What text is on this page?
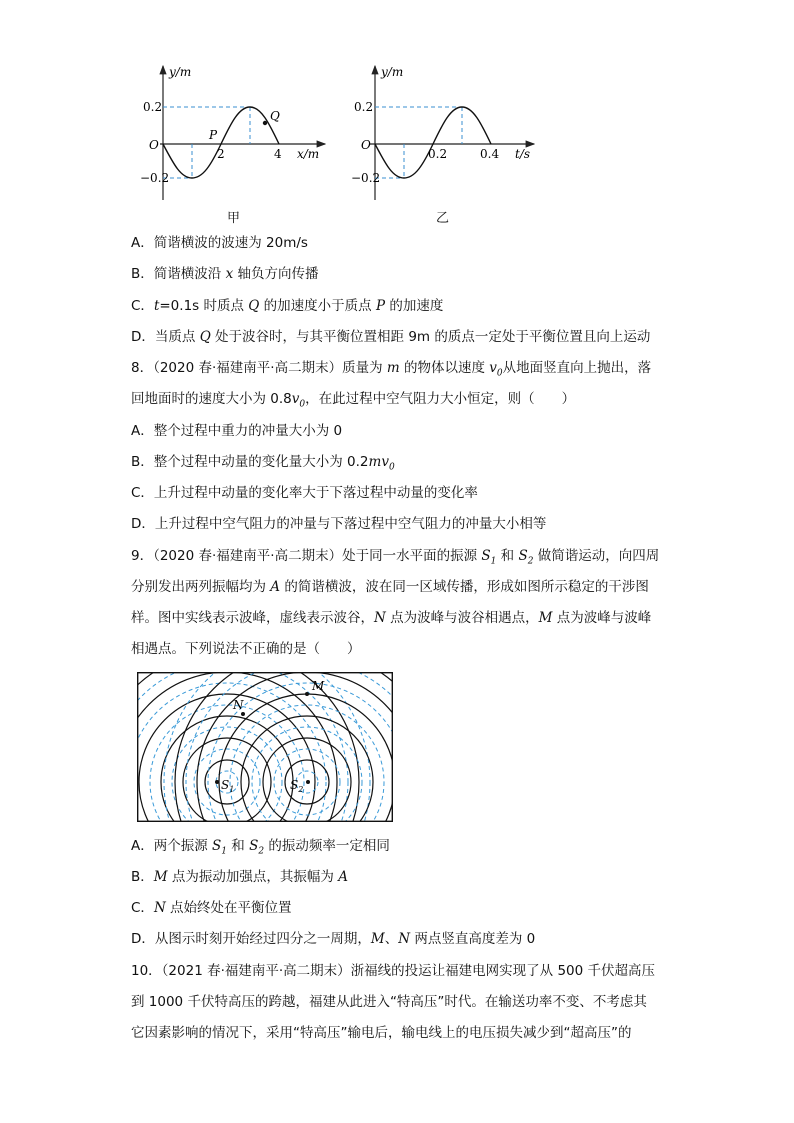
y/m
O
0.2
−0.2
2	4 x/m
P
Q
甲
y/m
O
0.2
−0.2
0.2	0.4 t/s
乙
A．简谐横波的波速为 20m/s
B．简谐横波沿 x 轴负方向传播
C．t=0.1s 时质点 Q 的加速度小于质点 P 的加速度
D．当质点 Q 处于波谷时，与其平衡位置相距 9m 的质点一定处于平衡位置且向上运动
8．（2020 春·福建南平·高二期末）质量为 m 的物体以速度 $v_0$从地面竖直向上抛出，落
回地面时的速度大小为 $0.8v_0$，在此过程中空气阻力大小恒定，则（　　）
A．整个过程中重力的冲量大小为 0
B．整个过程中动量的变化量大小为 $0.2mv_0$
C．上升过程中动量的变化率大于下落过程中动量的变化率
D．上升过程中空气阻力的冲量与下落过程中空气阻力的冲量大小相等
9．（2020 春·福建南平·高二期末）处于同一水平面的振源 $S_1$ 和 $S_2$ 做简谐运动，向四周
分别发出两列振幅均为 A 的简谐横波，波在同一区域传播，形成如图所示稳定的干涉图
样。图中实线表示波峰，虚线表示波谷，N 点为波峰与波谷相遇点，M 点为波峰与波峰
相遇点。下列说法不正确的是（　　）
M
N
$S_1$	$S_2$
A．两个振源 $S_1$ 和 $S_2$ 的振动频率一定相同
B．M 点为振动加强点，其振幅为 A
C．N 点始终处在平衡位置
D．从图示时刻开始经过四分之一周期，M、N 两点竖直高度差为 0
10．（2021 春·福建南平·高二期末）浙福线的投运让福建电网实现了从 500 千伏超高压
到 1000 千伏特高压的跨越，福建从此进入“特高压”时代。在输送功率不变、不考虑其
它因素影响的情况下，采用“特高压”输电后，输电线上的电压损失减少到“超高压”的
